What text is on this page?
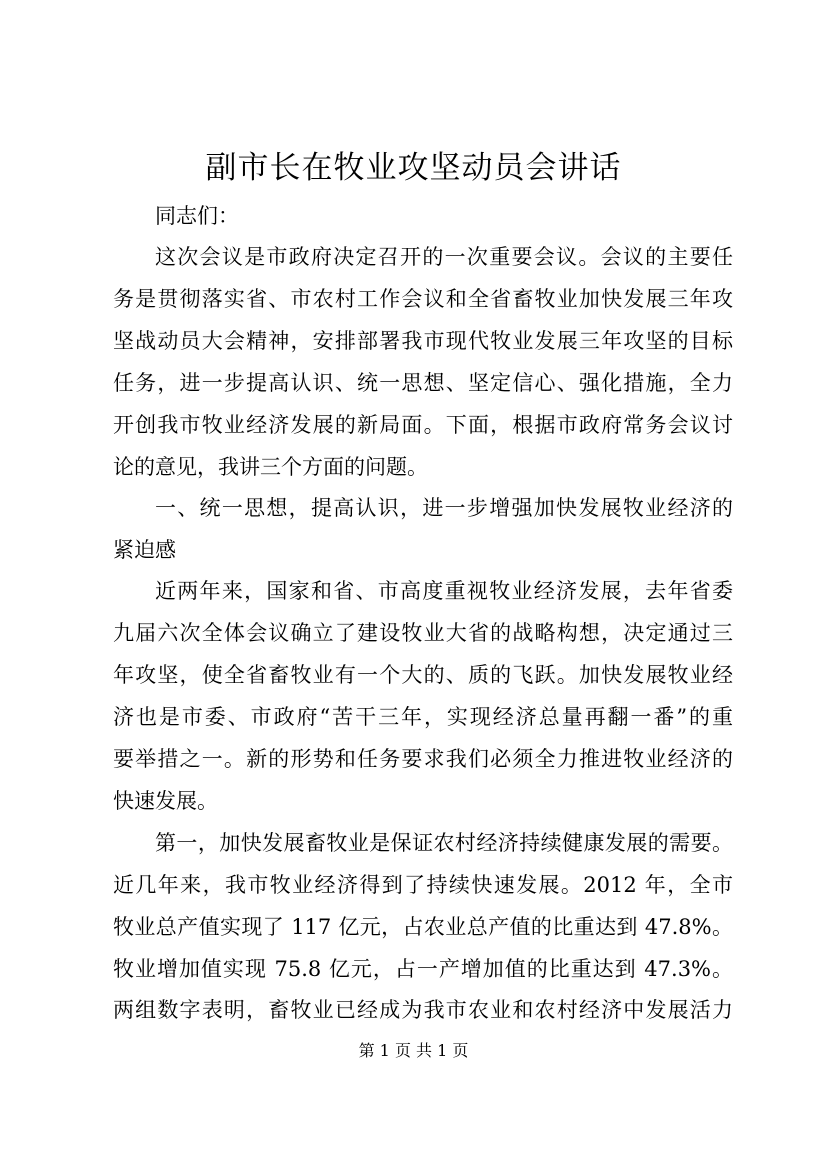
副市长在牧业攻坚动员会讲话
同志们：
这次会议是市政府决定召开的一次重要会议。会议的主要任
务是贯彻落实省、市农村工作会议和全省畜牧业加快发展三年攻
坚战动员大会精神，安排部署我市现代牧业发展三年攻坚的目标
任务，进一步提高认识、统一思想、坚定信心、强化措施，全力
开创我市牧业经济发展的新局面。下面，根据市政府常务会议讨
论的意见，我讲三个方面的问题。
一、统一思想，提高认识，进一步增强加快发展牧业经济的
紧迫感
近两年来，国家和省、市高度重视牧业经济发展，去年省委
九届六次全体会议确立了建设牧业大省的战略构想，决定通过三
年攻坚，使全省畜牧业有一个大的、质的飞跃。加快发展牧业经
济也是市委、市政府“苦干三年，实现经济总量再翻一番”的重
要举措之一。新的形势和任务要求我们必须全力推进牧业经济的
快速发展。
第一，加快发展畜牧业是保证农村经济持续健康发展的需要。
近几年来，我市牧业经济得到了持续快速发展。2012 年，全市
牧业总产值实现了 117 亿元，占农业总产值的比重达到 47.8%。
牧业增加值实现 75.8 亿元，占一产增加值的比重达到 47.3%。
两组数字表明，畜牧业已经成为我市农业和农村经济中发展活力
第 1 页 共 1 页
